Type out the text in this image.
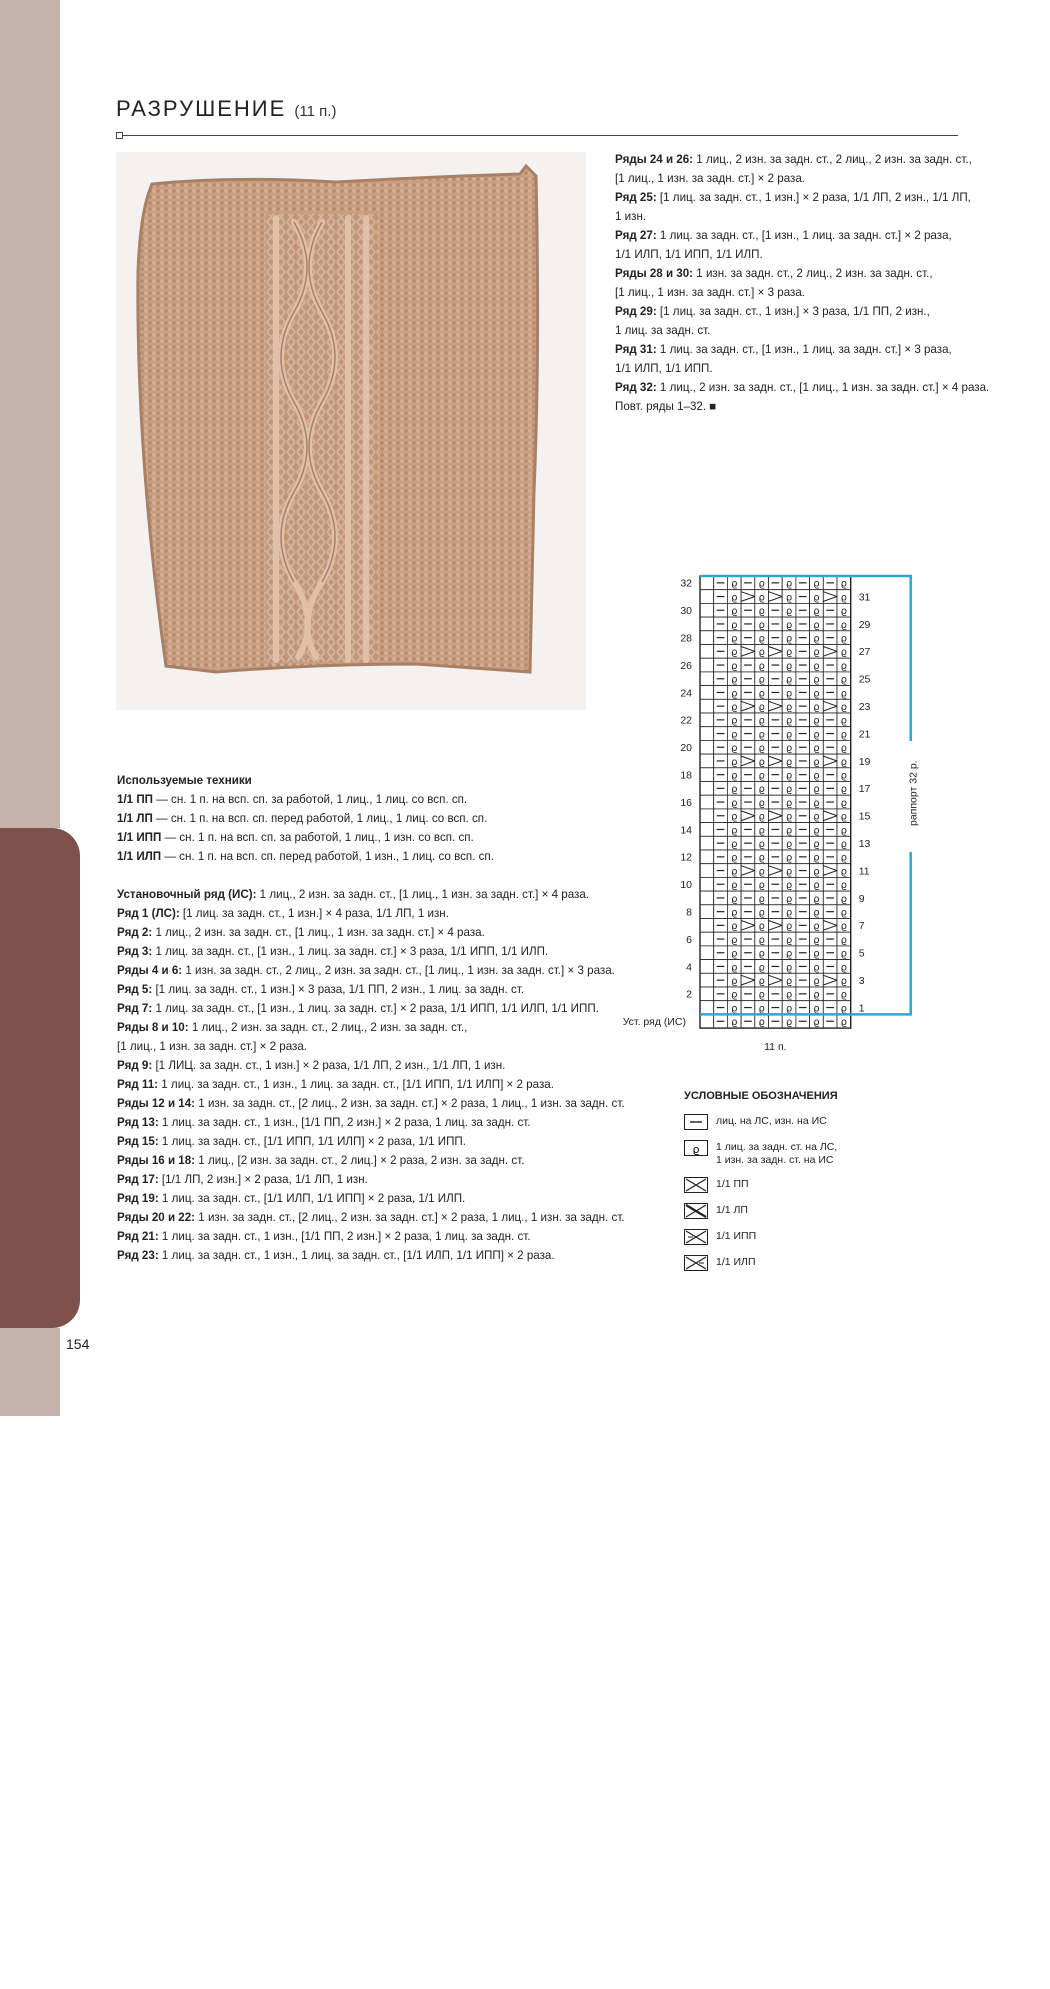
ГЛАВА 3 • ЖГУТЫ
154
РАЗРУШЕНИЕ (11 п.)

Ряды 24 и 26: 1 лиц., 2 изн. за задн. ст., 2 лиц., 2 изн. за задн. ст.,

[1 лиц., 1 изн. за задн. ст.] × 2 раза.

Ряд 25: [1 лиц. за задн. ст., 1 изн.] × 2 раза, 1/1 ЛП, 2 изн., 1/1 ЛП,

1 изн.

Ряд 27: 1 лиц. за задн. ст., [1 изн., 1 лиц. за задн. ст.] × 2 раза,

1/1 ИЛП, 1/1 ИПП, 1/1 ИЛП.

Ряды 28 и 30: 1 изн. за задн. ст., 2 лиц., 2 изн. за задн. ст.,

[1 лиц., 1 изн. за задн. ст.] × 3 раза.

Ряд 29: [1 лиц. за задн. ст., 1 изн.] × 3 раза, 1/1 ПП, 2 изн.,

1 лиц. за задн. ст.

Ряд 31: 1 лиц. за задн. ст., [1 изн., 1 лиц. за задн. ст.] × 3 раза,

1/1 ИЛП, 1/1 ИПП.

Ряд 32: 1 лиц., 2 изн. за задн. ст., [1 лиц., 1 изн. за задн. ст.] × 4 раза.

Повт. ряды 1–32. ■

Используемые техники

1/1 ПП — сн. 1 п. на всп. сп. за работой, 1 лиц., 1 лиц. со всп. сп.

1/1 ЛП — сн. 1 п. на всп. сп. перед работой, 1 лиц., 1 лиц. со всп. сп.

1/1 ИПП — сн. 1 п. на всп. сп. за работой, 1 лиц., 1 изн. со всп. сп.

1/1 ИЛП — сн. 1 п. на всп. сп. перед работой, 1 изн., 1 лиц. со всп. сп.

Установочный ряд (ИС): 1 лиц., 2 изн. за задн. ст., [1 лиц., 1 изн. за задн. ст.] × 4 раза.

Ряд 1 (ЛС): [1 лиц. за задн. ст., 1 изн.] × 4 раза, 1/1 ЛП, 1 изн.

Ряд 2: 1 лиц., 2 изн. за задн. ст., [1 лиц., 1 изн. за задн. ст.] × 4 раза.

Ряд 3: 1 лиц. за задн. ст., [1 изн., 1 лиц. за задн. ст.] × 3 раза, 1/1 ИПП, 1/1 ИЛП.

Ряды 4 и 6: 1 изн. за задн. ст., 2 лиц., 2 изн. за задн. ст., [1 лиц., 1 изн. за задн. ст.] × 3 раза.

Ряд 5: [1 лиц. за задн. ст., 1 изн.] × 3 раза, 1/1 ПП, 2 изн., 1 лиц. за задн. ст.

Ряд 7: 1 лиц. за задн. ст., [1 изн., 1 лиц. за задн. ст.] × 2 раза, 1/1 ИПП, 1/1 ИЛП, 1/1 ИПП.

Ряды 8 и 10: 1 лиц., 2 изн. за задн. ст., 2 лиц., 2 изн. за задн. ст.,

[1 лиц., 1 изн. за задн. ст.] × 2 раза.

Ряд 9: [1 ЛИЦ. за задн. ст., 1 изн.] × 2 раза, 1/1 ЛП, 2 изн., 1/1 ЛП, 1 изн.

Ряд 11: 1 лиц. за задн. ст., 1 изн., 1 лиц. за задн. ст., [1/1 ИПП, 1/1 ИЛП] × 2 раза.

Ряды 12 и 14: 1 изн. за задн. ст., [2 лиц., 2 изн. за задн. ст.] × 2 раза, 1 лиц., 1 изн. за задн. ст.

Ряд 13: 1 лиц. за задн. ст., 1 изн., [1/1 ПП, 2 изн.] × 2 раза, 1 лиц. за задн. ст.

Ряд 15: 1 лиц. за задн. ст., [1/1 ИПП, 1/1 ИЛП] × 2 раза, 1/1 ИПП.

Ряды 16 и 18: 1 лиц., [2 изн. за задн. ст., 2 лиц.] × 2 раза, 2 изн. за задн. ст.

Ряд 17: [1/1 ЛП, 2 изн.] × 2 раза, 1/1 ЛП, 1 изн.

Ряд 19: 1 лиц. за задн. ст., [1/1 ИЛП, 1/1 ИПП] × 2 раза, 1/1 ИЛП.

Ряды 20 и 22: 1 изн. за задн. ст., [2 лиц., 2 изн. за задн. ст.] × 2 раза, 1 лиц., 1 изн. за задн. ст.

Ряд 21: 1 лиц. за задн. ст., 1 изн., [1/1 ПП, 2 изн.] × 2 раза, 1 лиц. за задн. ст.

Ряд 23: 1 лиц. за задн. ст., 1 изн., 1 лиц. за задн. ст., [1/1 ИЛП, 1/1 ИПП] × 2 раза.

ϱ ϱ ϱ ϱ ϱ
ϱ ϱ ϱ ϱ ϱ
ϱ ϱ ϱ ϱ ϱ
ϱ ϱ ϱ ϱ ϱ
ϱ ϱ ϱ ϱ ϱ
ϱ ϱ ϱ ϱ ϱ
ϱ ϱ ϱ ϱ ϱ
ϱ ϱ ϱ ϱ ϱ
ϱ ϱ ϱ ϱ ϱ
ϱ ϱ ϱ ϱ ϱ
ϱ ϱ ϱ ϱ ϱ
ϱ ϱ ϱ ϱ ϱ
ϱ ϱ ϱ ϱ ϱ
ϱ ϱ ϱ ϱ ϱ
ϱ ϱ ϱ ϱ ϱ
ϱ ϱ ϱ ϱ ϱ
ϱ ϱ ϱ ϱ ϱ
ϱ ϱ ϱ ϱ ϱ
ϱ ϱ ϱ ϱ ϱ
ϱ ϱ ϱ ϱ ϱ
ϱ ϱ ϱ ϱ ϱ
ϱ ϱ ϱ ϱ ϱ
ϱ ϱ ϱ ϱ ϱ
ϱ ϱ ϱ ϱ ϱ
ϱ ϱ ϱ ϱ ϱ
ϱ ϱ ϱ ϱ ϱ
ϱ ϱ ϱ ϱ ϱ
ϱ ϱ ϱ ϱ ϱ
ϱ ϱ ϱ ϱ ϱ
ϱ ϱ ϱ ϱ ϱ
ϱ ϱ ϱ ϱ ϱ
ϱ ϱ ϱ ϱ ϱ
ϱ ϱ ϱ ϱ ϱ
раппорт 32 р.
32
30
28
26
24
22
20
18
16
14
12
10
8
6
4
2
31
29
27
25
23
21
19
17
15
13
11
9
7
5
3
1
Уст. ряд (ИС)
11 п.
УСЛОВНЫЕ ОБОЗНАЧЕНИЯ
лиц. на ЛС, изн. на ИС
ϱ 1 лиц. за задн. ст. на ЛС,
1 изн. за задн. ст. на ИС
1/1 ПП
1/1 ЛП
1/1 ИПП
1/1 ИЛП
